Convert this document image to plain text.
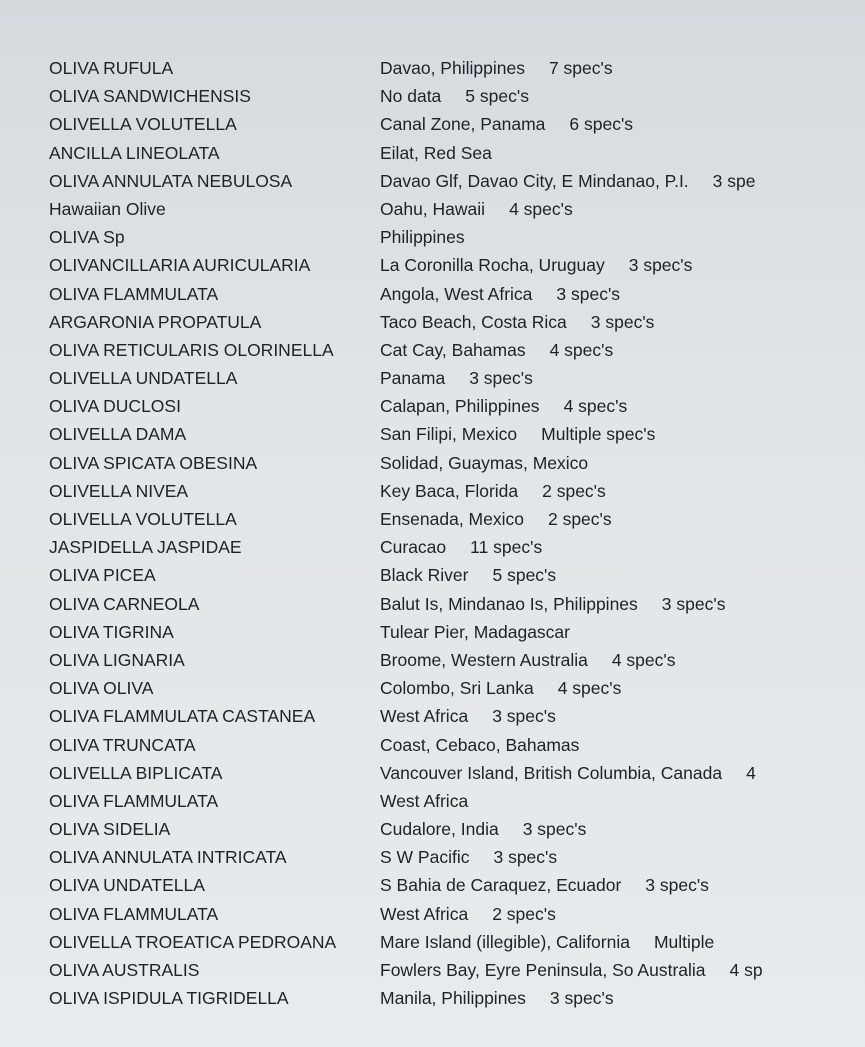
OLIVA RUFULA	Davao, Philippines 7 spec's
OLIVA SANDWICHENSIS	No data 5 spec's
OLIVELLA VOLUTELLA	Canal Zone, Panama 6 spec's
ANCILLA LINEOLATA	Eilat, Red Sea
OLIVA ANNULATA NEBULOSA	Davao Glf, Davao City, E Mindanao, P.I. 3 spe
Hawaiian Olive	Oahu, Hawaii 4 spec's
OLIVA Sp	Philippines
OLIVANCILLARIA AURICULARIA	La Coronilla Rocha, Uruguay 3 spec's
OLIVA FLAMMULATA	Angola, West Africa 3 spec's
ARGARONIA PROPATULA	Taco Beach, Costa Rica 3 spec's
OLIVA RETICULARIS OLORINELLA	Cat Cay, Bahamas 4 spec's
OLIVELLA UNDATELLA	Panama 3 spec's
OLIVA DUCLOSI	Calapan, Philippines 4 spec's
OLIVELLA DAMA	San Filipi, Mexico Multiple spec's
OLIVA SPICATA OBESINA	Solidad, Guaymas, Mexico
OLIVELLA NIVEA	Key Baca, Florida 2 spec's
OLIVELLA VOLUTELLA	Ensenada, Mexico 2 spec's
JASPIDELLA JASPIDAE	Curacao 11 spec's
OLIVA PICEA	Black River 5 spec's
OLIVA CARNEOLA	Balut Is, Mindanao Is, Philippines 3 spec's
OLIVA TIGRINA	Tulear Pier, Madagascar
OLIVA LIGNARIA	Broome, Western Australia 4 spec's
OLIVA OLIVA	Colombo, Sri Lanka 4 spec's
OLIVA FLAMMULATA CASTANEA	West Africa 3 spec's
OLIVA TRUNCATA	Coast, Cebaco, Bahamas
OLIVELLA BIPLICATA	Vancouver Island, British Columbia, Canada 4
OLIVA FLAMMULATA	West Africa
OLIVA SIDELIA	Cudalore, India 3 spec's
OLIVA ANNULATA INTRICATA	S W Pacific 3 spec's
OLIVA UNDATELLA	S Bahia de Caraquez, Ecuador 3 spec's
OLIVA FLAMMULATA	West Africa 2 spec's
OLIVELLA TROEATICA PEDROANA	Mare Island (illegible), California Multiple
OLIVA AUSTRALIS	Fowlers Bay, Eyre Peninsula, So Australia 4 sp
OLIVA ISPIDULA TIGRIDELLA	Manila, Philippines 3 spec's
